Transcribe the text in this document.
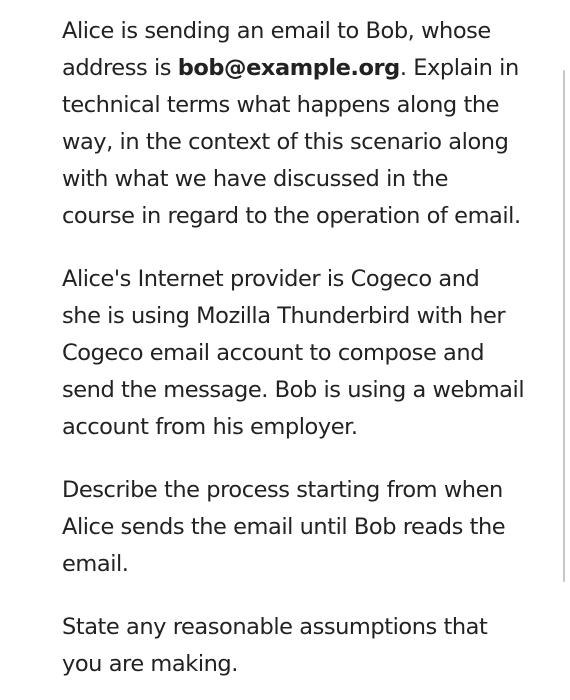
Alice is sending an email to Bob, whose
address is bob@example.org. Explain in
technical terms what happens along the
way, in the context of this scenario along
with what we have discussed in the
course in regard to the operation of email.

Alice's Internet provider is Cogeco and
she is using Mozilla Thunderbird with her
Cogeco email account to compose and
send the message. Bob is using a webmail
account from his employer.

Describe the process starting from when
Alice sends the email until Bob reads the
email.

State any reasonable assumptions that
you are making.
